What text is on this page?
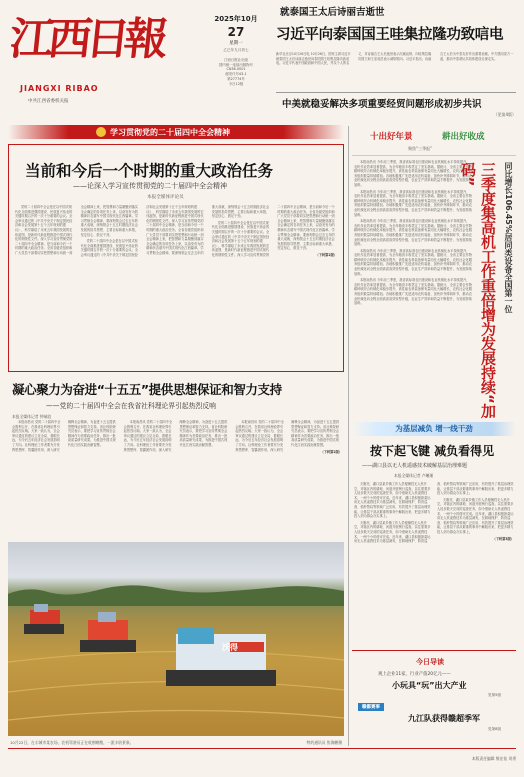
江西日報
JIANGXI RIBAO
中共江西省委机关报
2025年10月
27
星期一
乙巳年九月初七
江西日报社出版
国内统一连续出版物号
CN36-0001
邮发代号43-1
第27774号
今日12版
就泰国王太后诗丽吉逝世
习近平向泰国国王哇集拉隆功致唁电
新华社北京10月26日电 10月26日，国家主席习近平就泰国王太后诗丽吉逝世向泰国国王哇集拉隆功致唁电。习近平代表中国政府和中国人民，并以个人的名义，对诗丽吉王太后逝世表示沉痛哀悼，向哇集拉隆功国王和王室成员表示诚挚慰问。习近平指出，诗丽吉王太后为中泰友好作出重要贡献。中方愿同泰方一道，推动中泰命运共同体建设走深走实。
中美就稳妥解决多项重要经贸问题形成初步共识
（见第4版）
学习贯彻党的二十届四中全会精神
当前和今后一个时期的重大政治任务
——论深入学习宣传贯彻党的二十届四中全会精神
本报全媒体评论员

党的二十届四中全会是在以中国式现代化全面推进强国建设、民族复兴伟业的关键时期召开的一次十分重要的会议。全会审议通过的《中共中央关于制定国民经济和社会发展第十五个五年规划的建议》，科学描绘了未来五年我国发展的宏伟蓝图，是新时代新征程推进中国式现代化的纲领性文件。深入学习宣传贯彻党的二十届四中全会精神，是当前和今后一个时期的重大政治任务。全省各级党组织和广大党员干部要切实把思想和行动统一到全会精神上来，把智慧和力量凝聚到落实全会确定的各项任务上来，以奋发有为的精神状态谱写中国式现代化江西篇章。学习贯彻全会精神，要深刻领会过去五年的重大成就，深刻领会十五五时期经济社会发展的指导思想、主要目标和重大举措，坚定信心、鼓足干劲。

党的二十届四中全会是在以中国式现代化全面推进强国建设、民族复兴伟业的关键时期召开的一次十分重要的会议。全会审议通过的《中共中央关于制定国民经济和社会发展第十五个五年规划的建议》，科学描绘了未来五年我国发展的宏伟蓝图，是新时代新征程推进中国式现代化的纲领性文件。深入学习宣传贯彻党的二十届四中全会精神，是当前和今后一个时期的重大政治任务。全省各级党组织和广大党员干部要切实把思想和行动统一到全会精神上来，把智慧和力量凝聚到落实全会确定的各项任务上来，以奋发有为的精神状态谱写中国式现代化江西篇章。学习贯彻全会精神，要深刻领会过去五年的重大成就，深刻领会十五五时期经济社会发展的指导思想、主要目标和重大举措，坚定信心、鼓足干劲。

党的二十届四中全会是在以中国式现代化全面推进强国建设、民族复兴伟业的关键时期召开的一次十分重要的会议。全会审议通过的《中共中央关于制定国民经济和社会发展第十五个五年规划的建议》，科学描绘了未来五年我国发展的宏伟蓝图，是新时代新征程推进中国式现代化的纲领性文件。深入学习宣传贯彻党的二十届四中全会精神，是当前和今后一个时期的重大政治任务。全省各级党组织和广大党员干部要切实把思想和行动统一到全会精神上来，把智慧和力量凝聚到落实全会确定的各项任务上来，以奋发有为的精神状态谱写中国式现代化江西篇章。学习贯彻全会精神，要深刻领会过去五年的重大成就，深刻领会十五五时期经济社会发展的指导思想、主要目标和重大举措，坚定信心、鼓足干劲。

（下转第2版）

凝心聚力为奋进“十五五”提供思想保证和智力支持
——党的二十届四中全会在我省社科理论界引起热烈反响
本报全媒体记者 钟端浪

本报南昌讯 党的二十届四中全会胜利召开，在我省社科理论界引起热烈反响。大家一致认为，全会审议通过的建议立足全局、着眼长远，为今后五年经济社会发展指明了方向。社科理论工作者要充分发挥思想库、智囊团作用，深入研究阐释全会精神，为奋进十五五提供思想保证和智力支持。省社科院研究员表示，要把学习宣传贯彻全会精神作为首要政治任务，推出一批高质量研究成果，为推进中国式现代化江西实践贡献智慧。

本报南昌讯 党的二十届四中全会胜利召开，在我省社科理论界引起热烈反响。大家一致认为，全会审议通过的建议立足全局、着眼长远，为今后五年经济社会发展指明了方向。社科理论工作者要充分发挥思想库、智囊团作用，深入研究阐释全会精神，为奋进十五五提供思想保证和智力支持。省社科院研究员表示，要把学习宣传贯彻全会精神作为首要政治任务，推出一批高质量研究成果，为推进中国式现代化江西实践贡献智慧。

本报南昌讯 党的二十届四中全会胜利召开，在我省社科理论界引起热烈反响。大家一致认为，全会审议通过的建议立足全局、着眼长远，为今后五年经济社会发展指明了方向。社科理论工作者要充分发挥思想库、智囊团作用，深入研究阐释全会精神，为奋进十五五提供思想保证和智力支持。省社科院研究员表示，要把学习宣传贯彻全会精神作为首要政治任务，推出一批高质量研究成果，为推进中国式现代化江西实践贡献智慧。

（下转第2版）

沃得
10月22日，在丰城市某农场，农机驾驶员正在收割晚稻，一派丰收景象。	特约通讯员 焦海鹏摄
十出好年景	耕出好收成
聚焦“三季报”

本报南昌讯 今年前三季度，我省高标准农田建设和农业机械化水平持续提升，农机作业效率显著提高，为全年粮食丰收奠定了坚实基础。据统计，全省主要农作物耕种收综合机械化率稳步提升，高性能农机装备保有量同比大幅增长，农机社会化服务组织数量持续增加。各地积极推广先进适用农机装备，加快补齐薄弱环节，推动农业机械化向全程全面高质高效转型升级，农业生产效率和效益不断提升，为发展持续加码。

本报南昌讯 今年前三季度，我省高标准农田建设和农业机械化水平持续提升，农机作业效率显著提高，为全年粮食丰收奠定了坚实基础。据统计，全省主要农作物耕种收综合机械化率稳步提升，高性能农机装备保有量同比大幅增长，农机社会化服务组织数量持续增加。各地积极推广先进适用农机装备，加快补齐薄弱环节，推动农业机械化向全程全面高质高效转型升级，农业生产效率和效益不断提升，为发展持续加码。

本报南昌讯 今年前三季度，我省高标准农田建设和农业机械化水平持续提升，农机作业效率显著提高，为全年粮食丰收奠定了坚实基础。据统计，全省主要农作物耕种收综合机械化率稳步提升，高性能农机装备保有量同比大幅增长，农机社会化服务组织数量持续增加。各地积极推广先进适用农机装备，加快补齐薄弱环节，推动农业机械化向全程全面高质高效转型升级，农业生产效率和效益不断提升，为发展持续加码。

本报南昌讯 今年前三季度，我省高标准农田建设和农业机械化水平持续提升，农机作业效率显著提高，为全年粮食丰收奠定了坚实基础。据统计，全省主要农作物耕种收综合机械化率稳步提升，高性能农机装备保有量同比大幅增长，农机社会化服务组织数量持续增加。各地积极推广先进适用农机装备，加快补齐薄弱环节，推动农业机械化向全程全面高质高效转型升级，农业生产效率和效益不断提升，为发展持续加码。

本报南昌讯 今年前三季度，我省高标准农田建设和农业机械化水平持续提升，农机作业效率显著提高，为全年粮食丰收奠定了坚实基础。据统计，全省主要农作物耕种收综合机械化率稳步提升，高性能农机装备保有量同比大幅增长，农机社会化服务组织数量持续增加。各地积极推广先进适用农机装备，加快补齐薄弱环节，推动农业机械化向全程全面高质高效转型升级，农业生产效率和效益不断提升，为发展持续加码。	三季度集高机工作重倍增为发展持续“加码”	同比增长106.45%居同类设备全国第一位
为基层减负 增一线干劲
按下起飞键 减负看得见
——湖口县以无人机遥感技术破解基层治理难题
本报全媒体记者 卢曦瑾

天刚亮，湖口县某乡镇工作人员便操控无人机升空，对辖区内的耕地、河道开展例行巡查。以往需要多人徒步数天完成的巡查任务，如今借助无人机遥感技术，一两个小时便可完成。近年来，湖口县积极探索运用无人机遥感技术为基层减负，在耕地保护、防汛巡查、秸秆禁烧等领域广泛应用，有效提升了基层治理效能，让基层干部从繁重的事务中解脱出来，把更多精力投入到为群众办实事上。

天刚亮，湖口县某乡镇工作人员便操控无人机升空，对辖区内的耕地、河道开展例行巡查。以往需要多人徒步数天完成的巡查任务，如今借助无人机遥感技术，一两个小时便可完成。近年来，湖口县积极探索运用无人机遥感技术为基层减负，在耕地保护、防汛巡查、秸秆禁烧等领域广泛应用，有效提升了基层治理效能，让基层干部从繁重的事务中解脱出来，把更多精力投入到为群众办实事上。

天刚亮，湖口县某乡镇工作人员便操控无人机升空，对辖区内的耕地、河道开展例行巡查。以往需要多人徒步数天完成的巡查任务，如今借助无人机遥感技术，一两个小时便可完成。近年来，湖口县积极探索运用无人机遥感技术为基层减负，在耕地保护、防汛巡查、秸秆禁烧等领域广泛应用，有效提升了基层治理效能，让基层干部从繁重的事务中解脱出来，把更多精力投入到为群众办实事上。

（下转第3版）

今日导读
观上企业11家，行业产值20亿元——
小玩具“玩”出大产业
见第5版
赣鄱赛事
九江队获得赣超季军
见第8版
本版责任编辑 熊宏佑 刘勇
